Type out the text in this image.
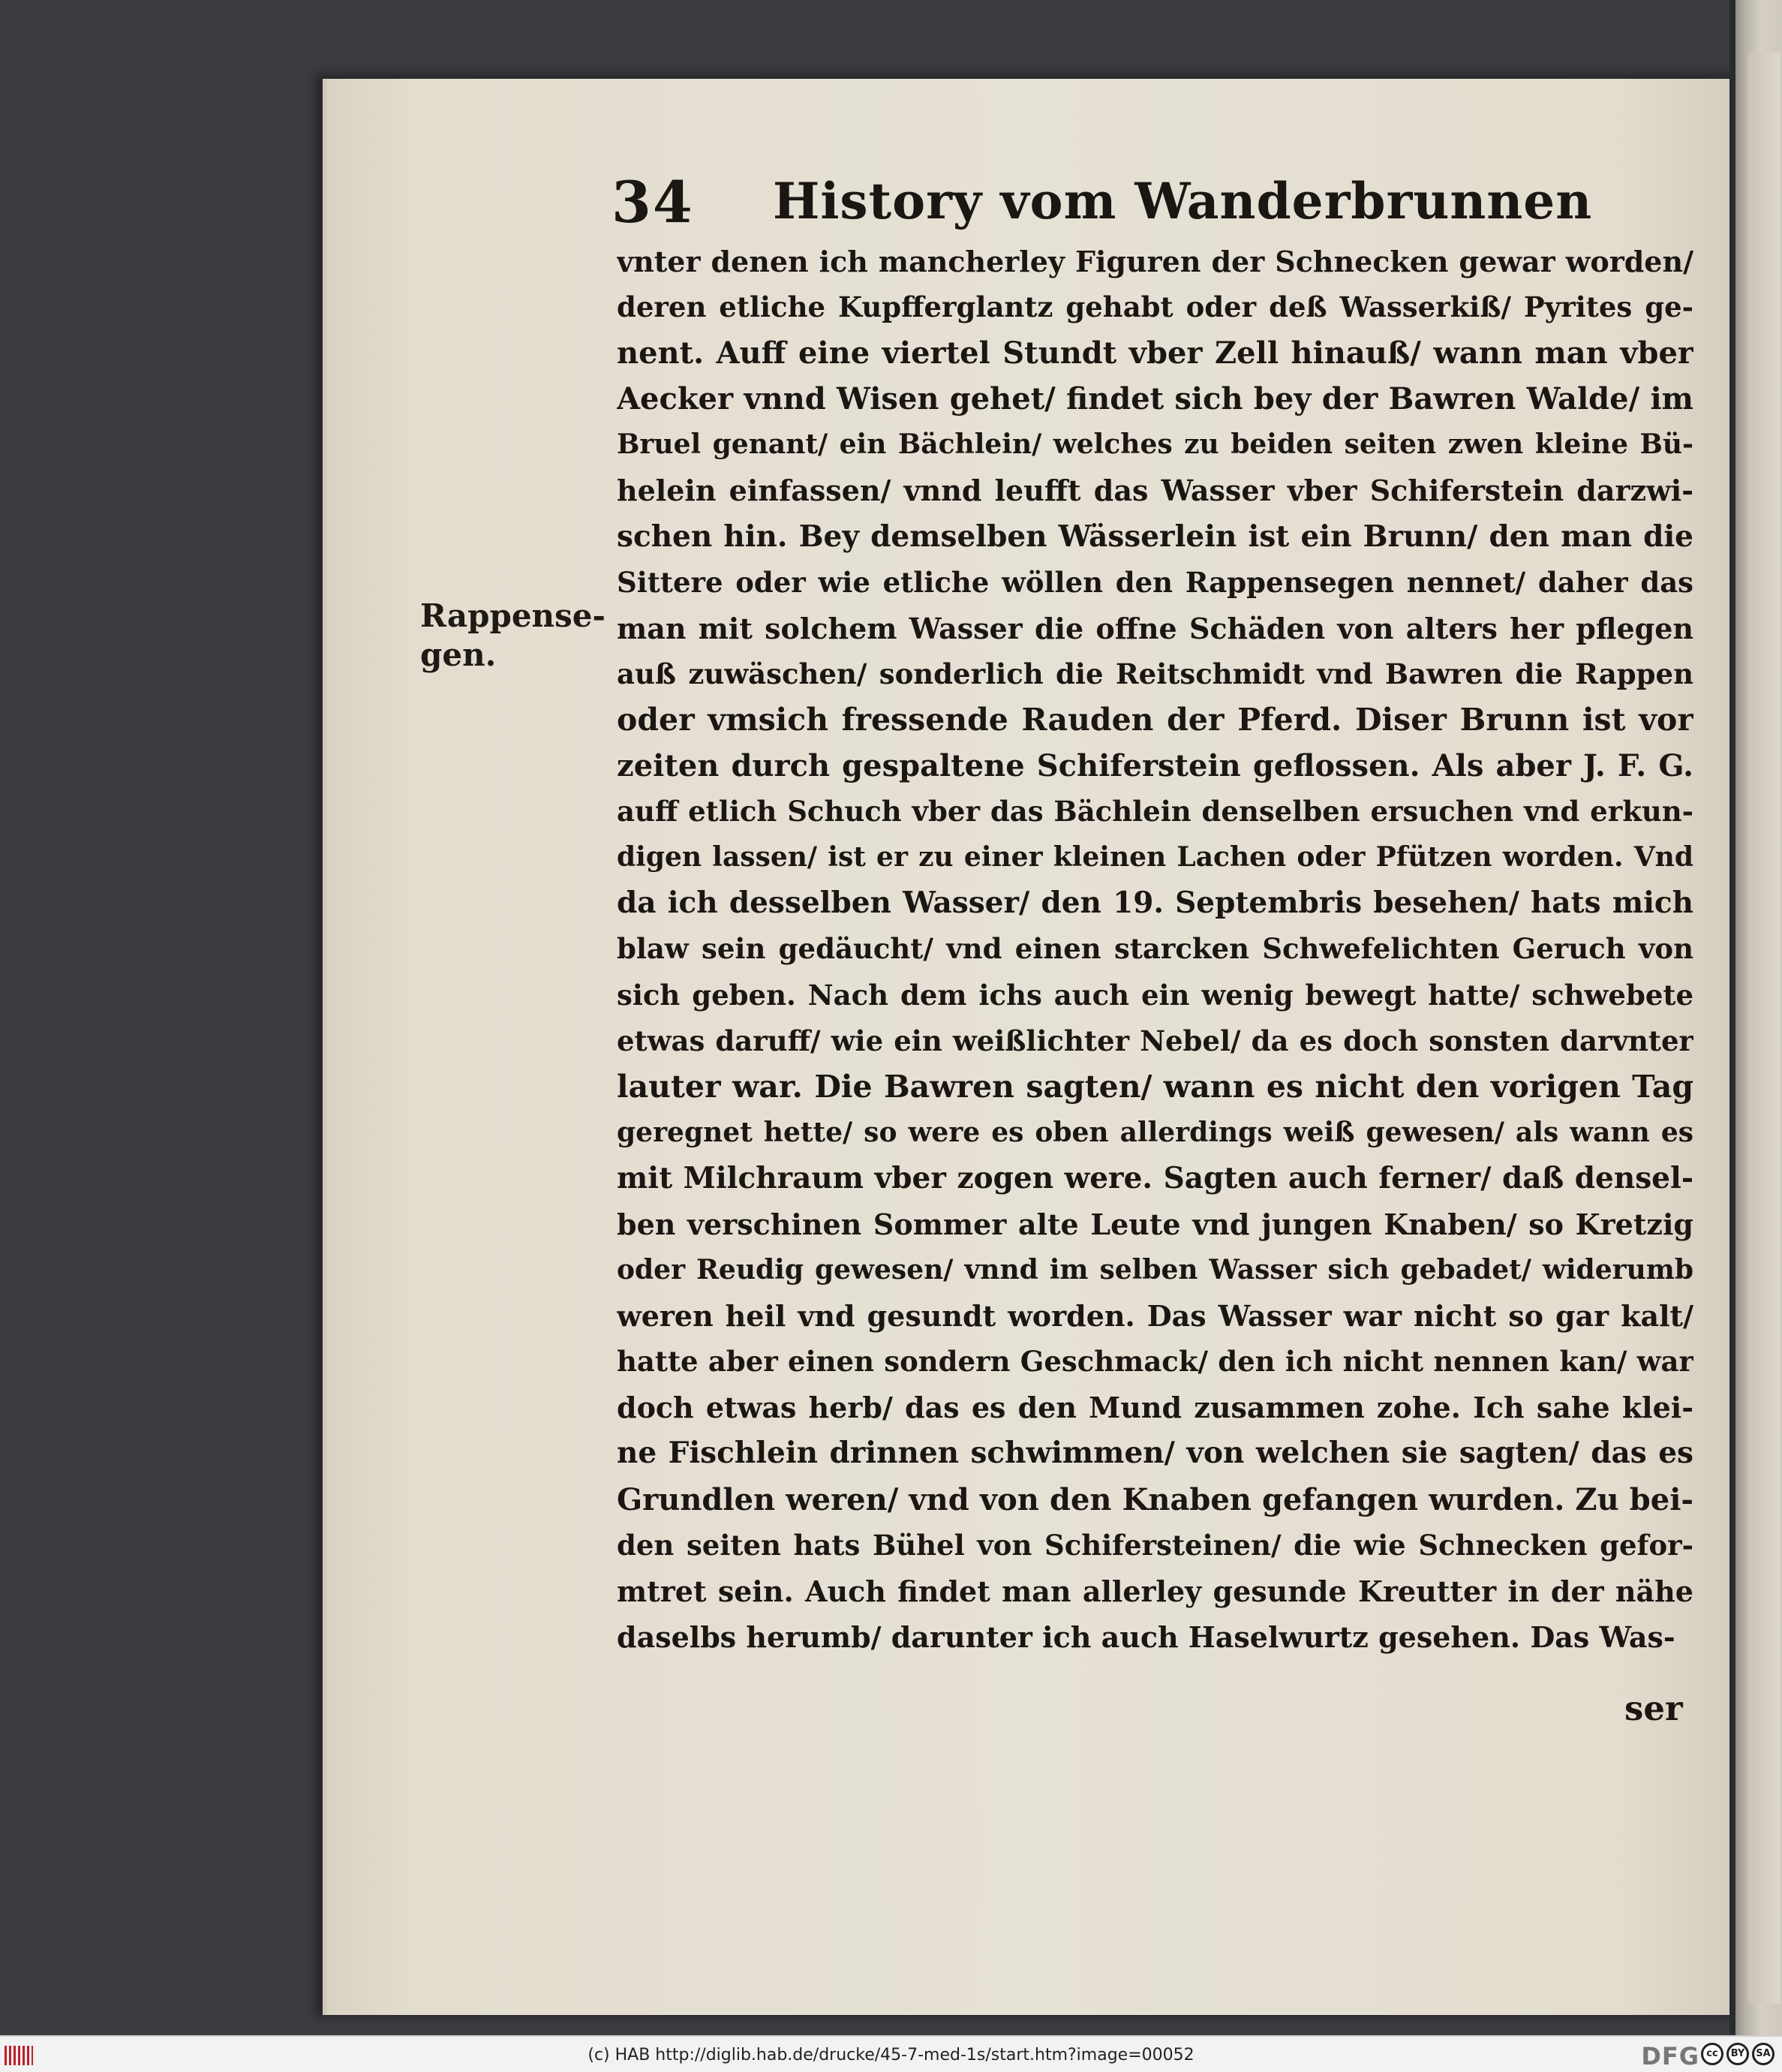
34 History vom Wanderbrunnen
Rappense-
gen.
vnter denen ich mancherley Figuren der Schnecken gewar worden/
deren etliche Kupfferglantz gehabt oder deß Wasserkiß/ Pyrites ge-
nent. Auff eine viertel Stundt vber Zell hinauß/ wann man vber
Aecker vnnd Wisen gehet/ findet sich bey der Bawren Walde/ im
Bruel genant/ ein Bächlein/ welches zu beiden seiten zwen kleine Bü-
helein einfassen/ vnnd leufft das Wasser vber Schiferstein darzwi-
schen hin. Bey demselben Wässerlein ist ein Brunn/ den man die
Sittere oder wie etliche wöllen den Rappensegen nennet/ daher das
man mit solchem Wasser die offne Schäden von alters her pflegen
auß zuwäschen/ sonderlich die Reitschmidt vnd Bawren die Rappen
oder vmsich fressende Rauden der Pferd. Diser Brunn ist vor
zeiten durch gespaltene Schiferstein geflossen. Als aber J. F. G.
auff etlich Schuch vber das Bächlein denselben ersuchen vnd erkun-
digen lassen/ ist er zu einer kleinen Lachen oder Pfützen worden. Vnd
da ich desselben Wasser/ den 19. Septembris besehen/ hats mich
blaw sein gedäucht/ vnd einen starcken Schwefelichten Geruch von
sich geben. Nach dem ichs auch ein wenig bewegt hatte/ schwebete
etwas daruff/ wie ein weißlichter Nebel/ da es doch sonsten darvnter
lauter war. Die Bawren sagten/ wann es nicht den vorigen Tag
geregnet hette/ so were es oben allerdings weiß gewesen/ als wann es
mit Milchraum vber zogen were. Sagten auch ferner/ daß densel-
ben verschinen Sommer alte Leute vnd jungen Knaben/ so Kretzig
oder Reudig gewesen/ vnnd im selben Wasser sich gebadet/ widerumb
weren heil vnd gesundt worden. Das Wasser war nicht so gar kalt/
hatte aber einen sondern Geschmack/ den ich nicht nennen kan/ war
doch etwas herb/ das es den Mund zusammen zohe. Ich sahe klei-
ne Fischlein drinnen schwimmen/ von welchen sie sagten/ das es
Grundlen weren/ vnd von den Knaben gefangen wurden. Zu bei-
den seiten hats Bühel von Schifersteinen/ die wie Schnecken gefor-
mtret sein. Auch findet man allerley gesunde Kreutter in der nähe
daselbs herumb/ darunter ich auch Haselwurtz gesehen. Das Was-
ser
(c) HAB http://diglib.hab.de/drucke/45-7-med-1s/start.htm?image=00052	DFG cc	BY	SA
